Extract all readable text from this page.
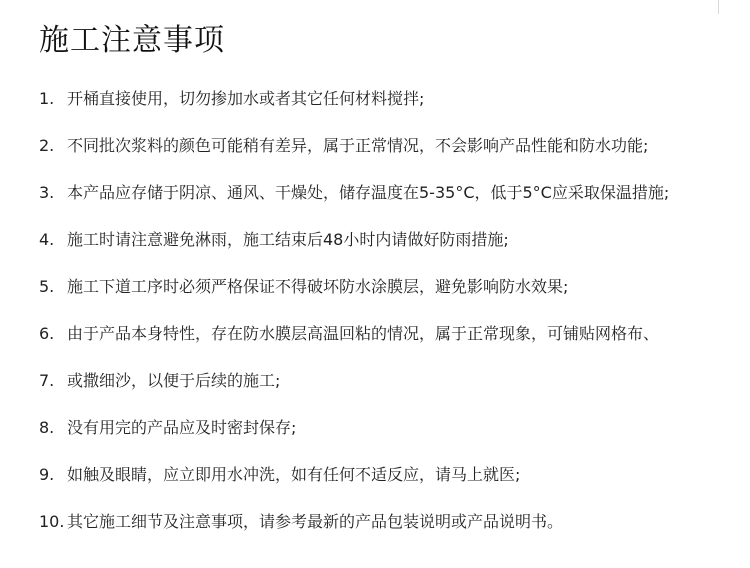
施工注意事项
1. 开桶直接使用，切勿掺加水或者其它任何材料搅拌;
2. 不同批次浆料的颜色可能稍有差异，属于正常情况，不会影响产品性能和防水功能;
3. 本产品应存储于阴凉、通风、干燥处，储存温度在5-35°C，低于5°C应采取保温措施;
4. 施工时请注意避免淋雨，施工结束后48小时内请做好防雨措施;
5. 施工下道工序时必须严格保证不得破坏防水涂膜层，避免影响防水效果;
6. 由于产品本身特性，存在防水膜层高温回粘的情况，属于正常现象，可铺贴网格布、
7. 或撒细沙，以便于后续的施工;
8. 没有用完的产品应及时密封保存;
9. 如触及眼睛，应立即用水冲洗，如有任何不适反应，请马上就医;
10. 其它施工细节及注意事项，请参考最新的产品包装说明或产品说明书。
